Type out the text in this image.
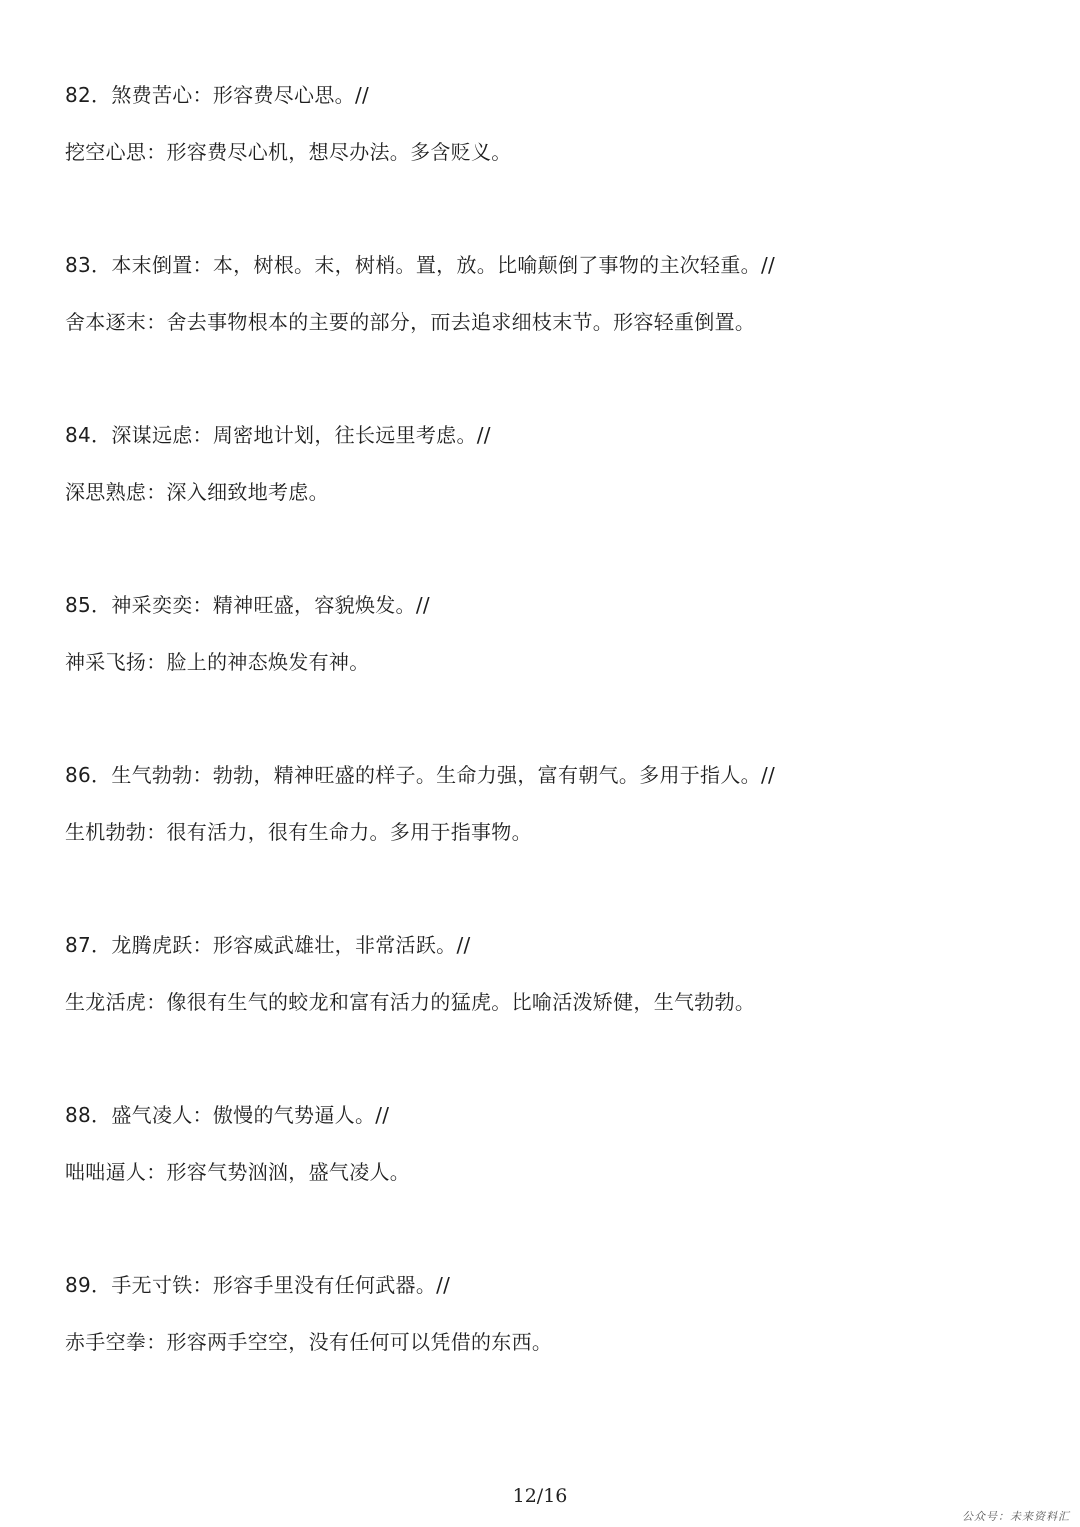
82．煞费苦心：形容费尽心思。//
挖空心思：形容费尽心机，想尽办法。多含贬义。
83．本末倒置：本，树根。末，树梢。置，放。比喻颠倒了事物的主次轻重。//
舍本逐末：舍去事物根本的主要的部分，而去追求细枝末节。形容轻重倒置。
84．深谋远虑：周密地计划，往长远里考虑。//
深思熟虑：深入细致地考虑。
85．神采奕奕：精神旺盛，容貌焕发。//
神采飞扬：脸上的神态焕发有神。
86．生气勃勃：勃勃，精神旺盛的样子。生命力强，富有朝气。多用于指人。//
生机勃勃：很有活力，很有生命力。多用于指事物。
87．龙腾虎跃：形容威武雄壮，非常活跃。//
生龙活虎：像很有生气的蛟龙和富有活力的猛虎。比喻活泼矫健，生气勃勃。
88．盛气凌人：傲慢的气势逼人。//
咄咄逼人：形容气势汹汹，盛气凌人。
89．手无寸铁：形容手里没有任何武器。//
赤手空拳：形容两手空空，没有任何可以凭借的东西。
12/16
公众号：未来资料汇
